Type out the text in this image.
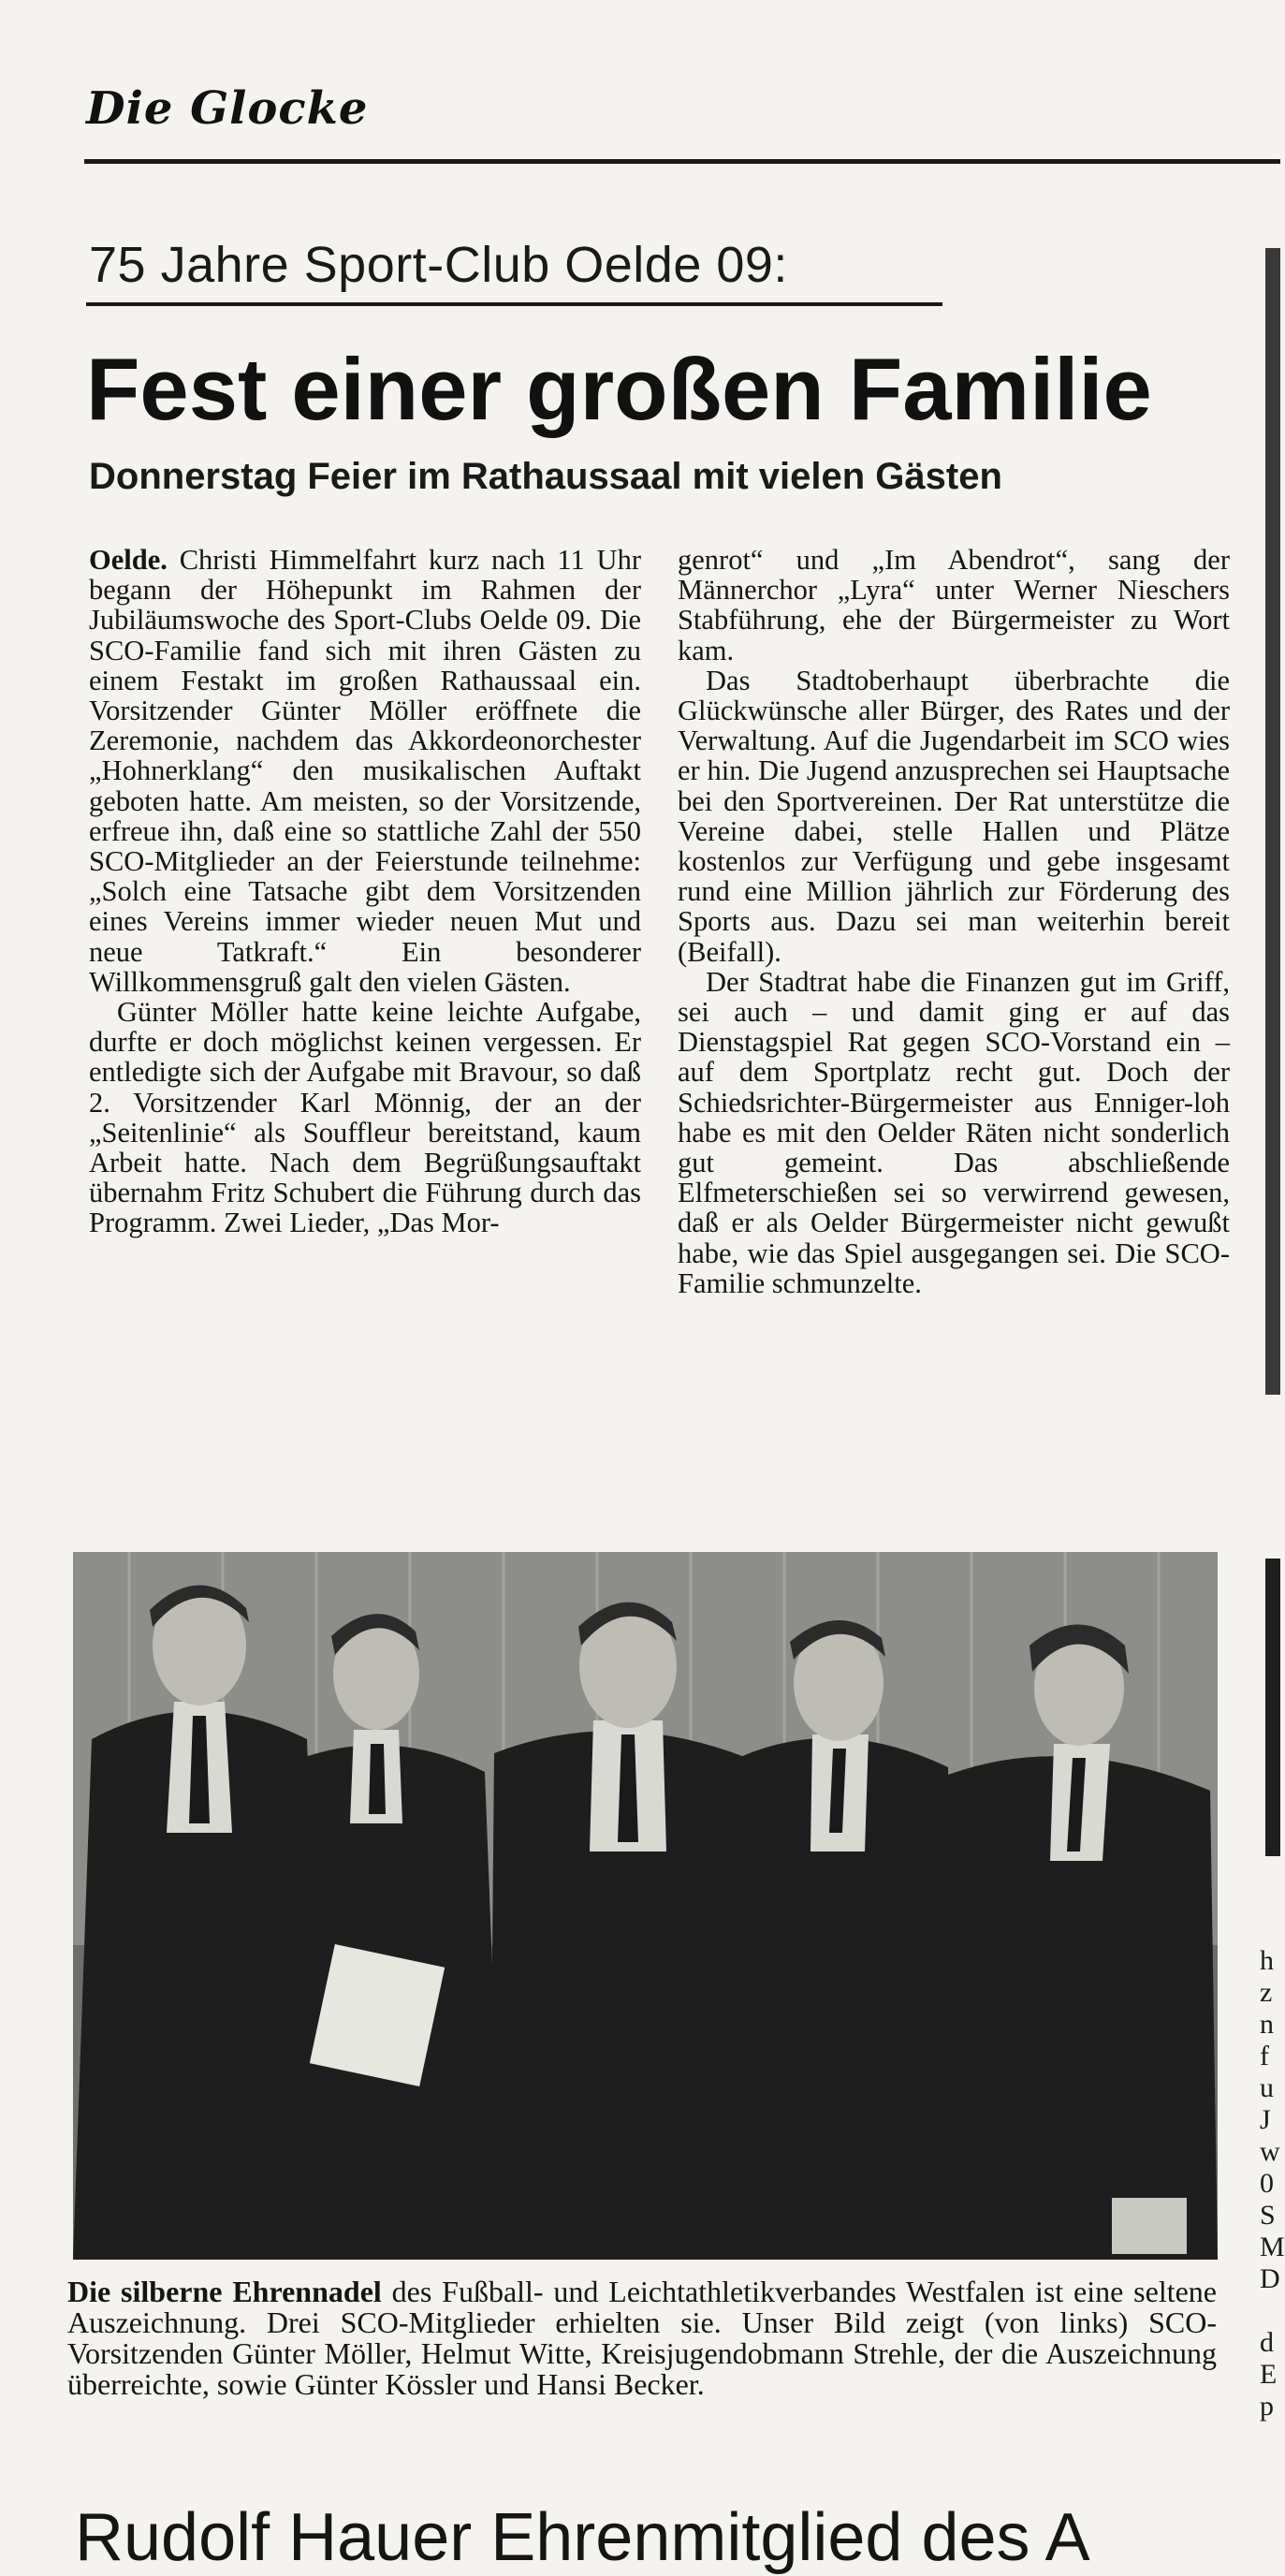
Die Glocke
75 Jahre Sport-Club Oelde 09:
Fest einer großen Familie
Donnerstag Feier im Rathaussaal mit vielen Gästen

Oelde. Christi Himmelfahrt kurz nach 11 Uhr begann der Höhepunkt im Rahmen der Jubiläumswoche des Sport-Clubs Oelde 09. Die SCO-Familie fand sich mit ihren Gästen zu einem Festakt im großen Rathaussaal ein. Vorsitzender Günter Möller eröffnete die Zeremonie, nachdem das Akkordeonorchester „Hohnerklang“ den musikalischen Auftakt geboten hatte. Am meisten, so der Vorsitzende, erfreue ihn, daß eine so stattliche Zahl der 550 SCO-Mitglieder an der Feierstunde teilnehme: „Solch eine Tatsache gibt dem Vorsitzenden eines Vereins immer wieder neuen Mut und neue Tatkraft.“ Ein besonderer Willkommensgruß galt den vielen Gästen.

Günter Möller hatte keine leichte Aufgabe, durfte er doch möglichst keinen vergessen. Er entledigte sich der Aufgabe mit Bravour, so daß 2. Vorsitzender Karl Mönnig, der an der „Seitenlinie“ als Souffleur bereitstand, kaum Arbeit hatte. Nach dem Begrüßungsauftakt übernahm Fritz Schubert die Führung durch das Programm. Zwei Lieder, „Das Mor-

genrot“ und „Im Abendrot“, sang der Männerchor „Lyra“ unter Werner Nieschers Stabführung, ehe der Bürgermeister zu Wort kam.

Das Stadtoberhaupt überbrachte die Glückwünsche aller Bürger, des Rates und der Verwaltung. Auf die Jugendarbeit im SCO wies er hin. Die Jugend anzusprechen sei Hauptsache bei den Sportvereinen. Der Rat unterstütze die Vereine dabei, stelle Hallen und Plätze kostenlos zur Verfügung und gebe insgesamt rund eine Million jährlich zur Förderung des Sports aus. Dazu sei man weiterhin bereit (Beifall).

Der Stadtrat habe die Finanzen gut im Griff, sei auch – und damit ging er auf das Dienstagspiel Rat gegen SCO-Vorstand ein – auf dem Sportplatz recht gut. Doch der Schiedsrichter-Bürgermeister aus Enniger-loh habe es mit den Oelder Räten nicht sonderlich gut gemeint. Das abschließende Elfmeterschießen sei so verwirrend gewesen, daß er als Oelder Bürgermeister nicht gewußt habe, wie das Spiel ausgegangen sei. Die SCO-Familie schmunzelte.

Die silberne Ehrennadel des Fußball- und Leichtathletikverbandes Westfalen ist eine seltene Auszeichnung. Drei SCO-Mitglieder erhielten sie. Unser Bild zeigt (von links) SCO-Vorsitzenden Günter Möller, Helmut Witte, Kreisjugendobmann Strehle, der die Auszeichnung überreichte, sowie Günter Kössler und Hansi Becker.
Rudolf Hauer Ehrenmitglied des A
h
z
n
f
u
J
w
0
S
M
D
d
E
p
